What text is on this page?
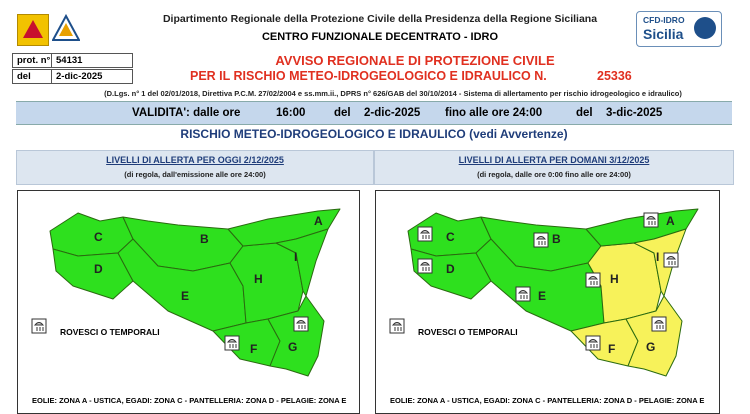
Dipartimento Regionale della Protezione Civile della Presidenza della Regione Siciliana
CENTRO FUNZIONALE DECENTRATO - IDRO
CFD-IDRO
Sicilia
prot. n° 54131
del	2-dic-2025
AVVISO REGIONALE DI PROTEZIONE CIVILE
PER IL RISCHIO METEO-IDROGEOLOGICO E IDRAULICO N.	25336
(D.Lgs. n° 1 del 02/01/2018, Direttiva P.C.M. 27/02/2004 e ss.mm.ii., DPRS n° 626/GAB del 30/10/2014 - Sistema di allertamento per rischio idrogeologico e idraulico)
VALIDITA': dalle ore	16:00 del 2-dic-2025 fino alle ore 24:00	del 3-dic-2025
RISCHIO METEO-IDROGEOLOGICO E IDRAULICO (vedi Avvertenze)
LIVELLI DI ALLERTA PER OGGI 2/12/2025
(di regola, dall'emissione alle ore 24:00)
LIVELLI DI ALLERTA PER DOMANI 3/12/2025
(di regola, dalle ore 0:00 fino alle ore 24:00)
A
B
C
D
E
F	G
H
I
ROVESCI O TEMPORALI
EOLIE: ZONA A - USTICA, EGADI: ZONA C - PANTELLERIA: ZONA D - PELAGIE: ZONA E
A
B
C
D
E
F	G
H
I
ROVESCI O TEMPORALI
EOLIE: ZONA A - USTICA, EGADI: ZONA C - PANTELLERIA: ZONA D - PELAGIE: ZONA E
